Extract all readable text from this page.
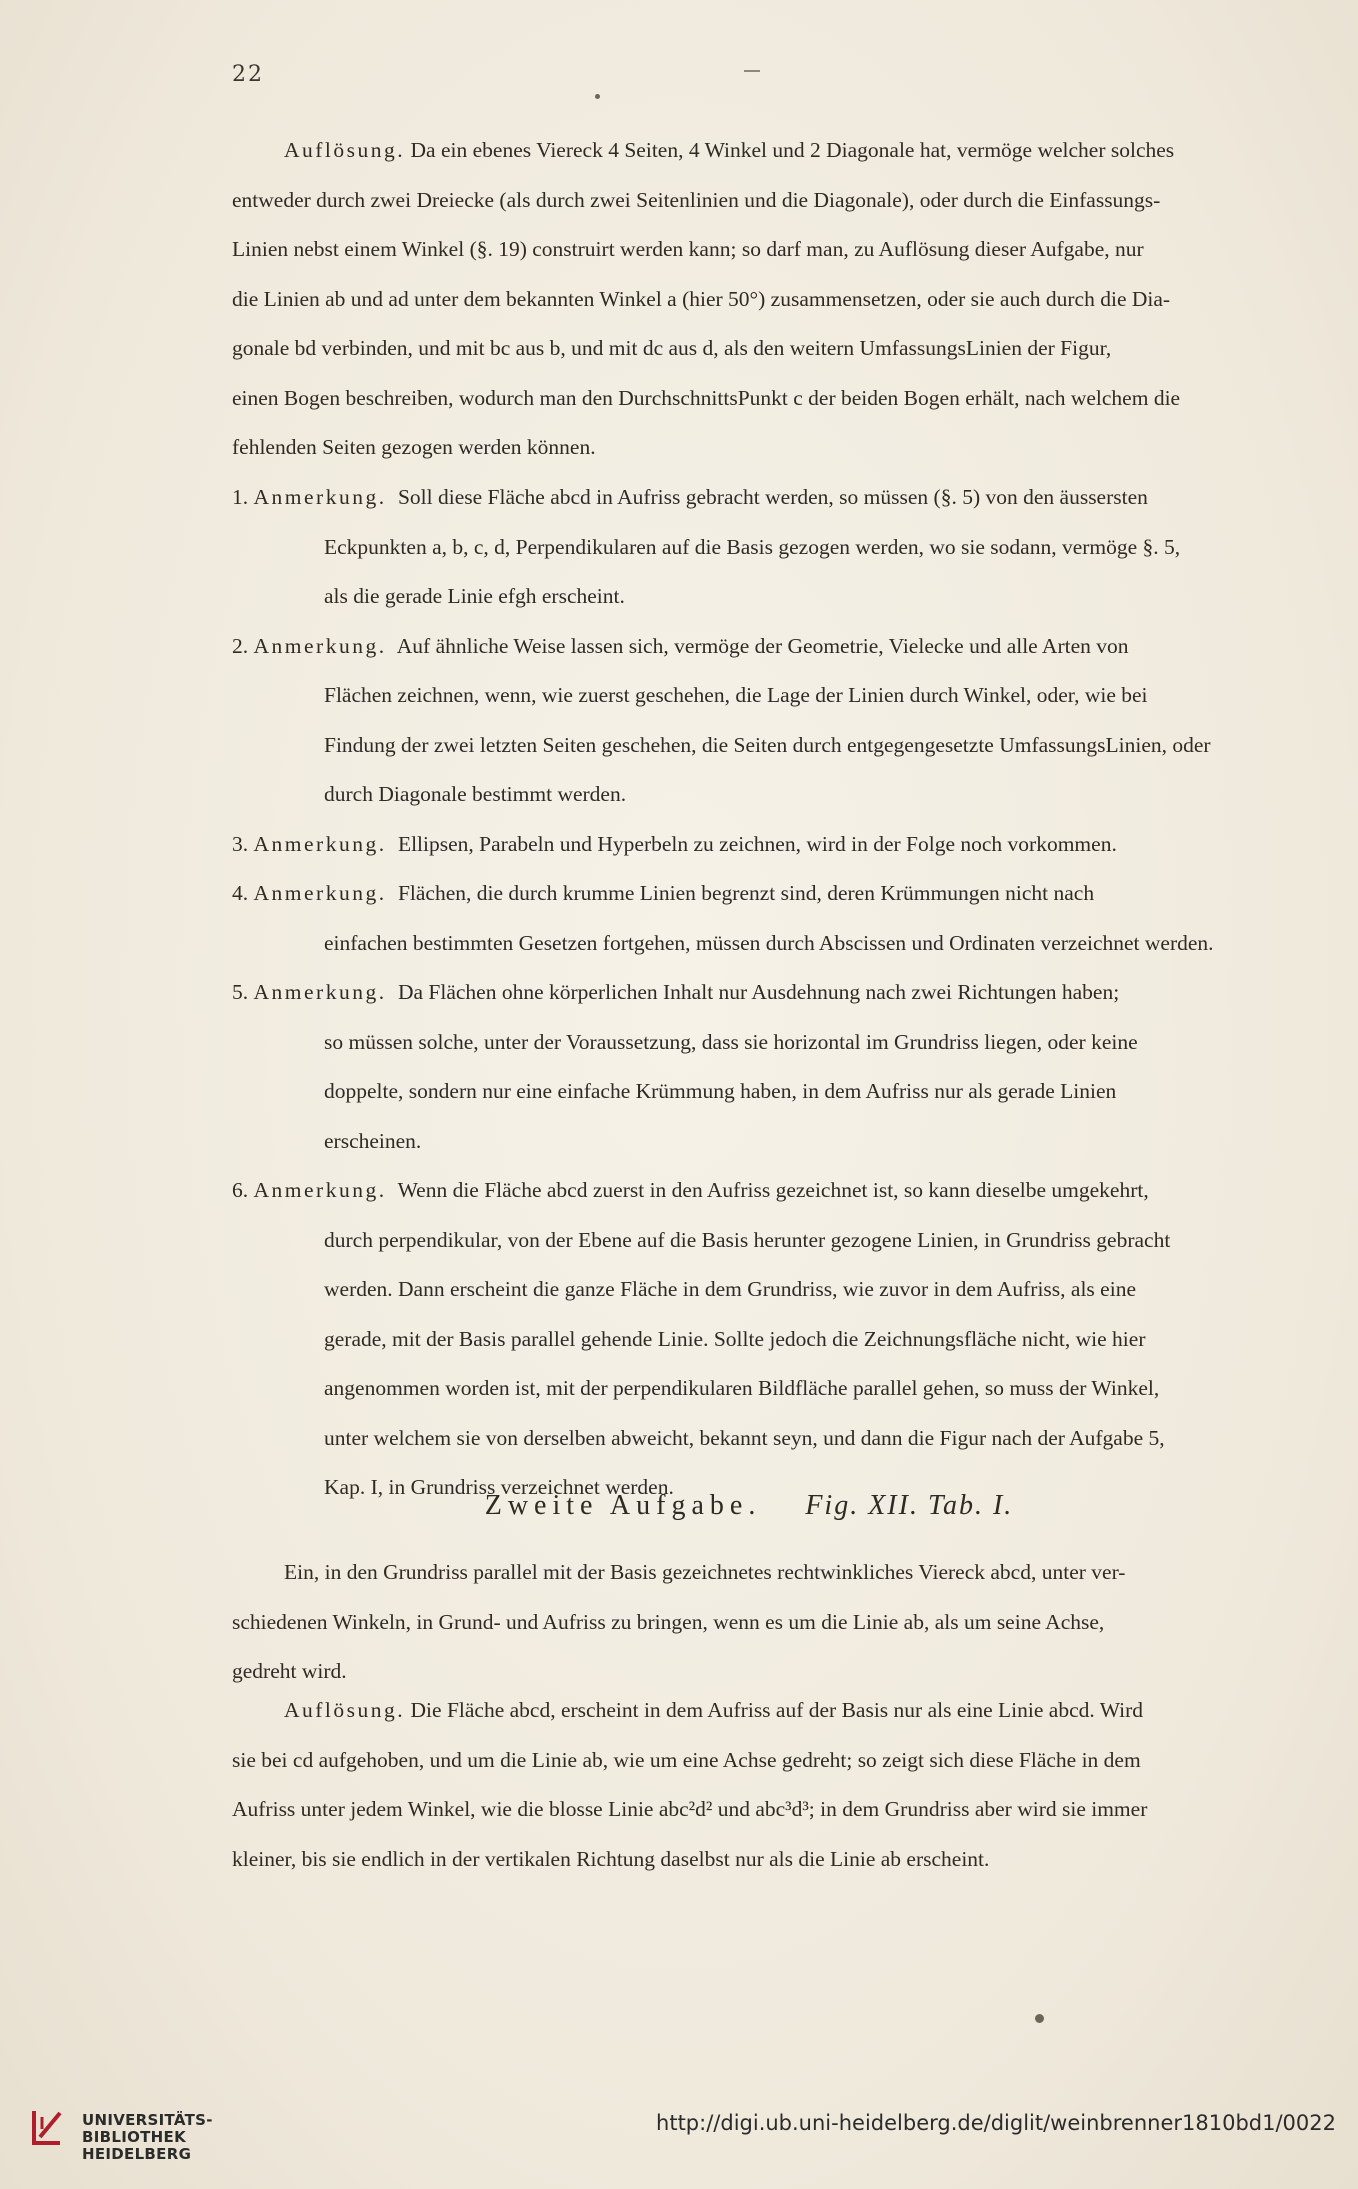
22

Auflösung. Da ein ebenes Viereck 4 Seiten, 4 Winkel und 2 Diagonale hat, vermöge welcher solches

entweder durch zwei Dreiecke (als durch zwei Seitenlinien und die Diagonale), oder durch die Einfassungs-

Linien nebst einem Winkel (§. 19) construirt werden kann; so darf man, zu Auflösung dieser Aufgabe, nur

die Linien ab und ad unter dem bekannten Winkel a (hier 50°) zusammensetzen, oder sie auch durch die Dia-

gonale bd verbinden, und mit bc aus b, und mit dc aus d, als den weitern UmfassungsLinien der Figur,

einen Bogen beschreiben, wodurch man den DurchschnittsPunkt c der beiden Bogen erhält, nach welchem die

fehlenden Seiten gezogen werden können.

1. Anmerkung. Soll diese Fläche abcd in Aufriss gebracht werden, so müssen (§. 5) von den äussersten

Eckpunkten a, b, c, d, Perpendikularen auf die Basis gezogen werden, wo sie sodann, vermöge §. 5,

als die gerade Linie efgh erscheint.

2. Anmerkung. Auf ähnliche Weise lassen sich, vermöge der Geometrie, Vielecke und alle Arten von

Flächen zeichnen, wenn, wie zuerst geschehen, die Lage der Linien durch Winkel, oder, wie bei

Findung der zwei letzten Seiten geschehen, die Seiten durch entgegengesetzte UmfassungsLinien, oder

durch Diagonale bestimmt werden.

3. Anmerkung. Ellipsen, Parabeln und Hyperbeln zu zeichnen, wird in der Folge noch vorkommen.

4. Anmerkung. Flächen, die durch krumme Linien begrenzt sind, deren Krümmungen nicht nach

einfachen bestimmten Gesetzen fortgehen, müssen durch Abscissen und Ordinaten verzeichnet werden.

5. Anmerkung. Da Flächen ohne körperlichen Inhalt nur Ausdehnung nach zwei Richtungen haben;

so müssen solche, unter der Voraussetzung, dass sie horizontal im Grundriss liegen, oder keine

doppelte, sondern nur eine einfache Krümmung haben, in dem Aufriss nur als gerade Linien

erscheinen.

6. Anmerkung. Wenn die Fläche abcd zuerst in den Aufriss gezeichnet ist, so kann dieselbe umgekehrt,

durch perpendikular, von der Ebene auf die Basis herunter gezogene Linien, in Grundriss gebracht

werden. Dann erscheint die ganze Fläche in dem Grundriss, wie zuvor in dem Aufriss, als eine

gerade, mit der Basis parallel gehende Linie. Sollte jedoch die Zeichnungsfläche nicht, wie hier

angenommen worden ist, mit der perpendikularen Bildfläche parallel gehen, so muss der Winkel,

unter welchem sie von derselben abweicht, bekannt seyn, und dann die Figur nach der Aufgabe 5,

Kap. I, in Grundriss verzeichnet werden.

Zweite Aufgabe. Fig. XII. Tab. I.

Ein, in den Grundriss parallel mit der Basis gezeichnetes rechtwinkliches Viereck abcd, unter ver-

schiedenen Winkeln, in Grund- und Aufriss zu bringen, wenn es um die Linie ab, als um seine Achse,

gedreht wird.

Auflösung. Die Fläche abcd, erscheint in dem Aufriss auf der Basis nur als eine Linie abcd. Wird

sie bei cd aufgehoben, und um die Linie ab, wie um eine Achse gedreht; so zeigt sich diese Fläche in dem

Aufriss unter jedem Winkel, wie die blosse Linie abc²d² und abc³d³; in dem Grundriss aber wird sie immer

kleiner, bis sie endlich in der vertikalen Richtung daselbst nur als die Linie ab erscheint.

UNIVERSITÄTS-
BIBLIOTHEK
HEIDELBERG
http://digi.ub.uni-heidelberg.de/diglit/weinbrenner1810bd1/0022
